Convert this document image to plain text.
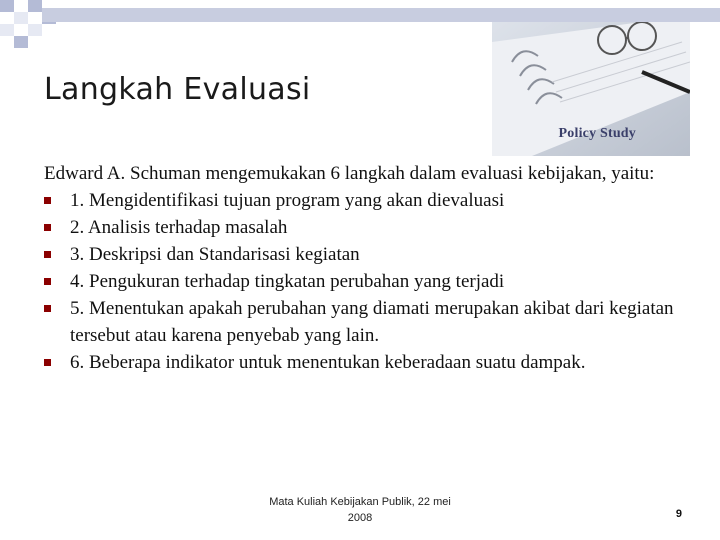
Langkah Evaluasi
Policy Study

Edward A. Schuman mengemukakan 6 langkah dalam evaluasi kebijakan, yaitu:

1. Mengidentifikasi tujuan program yang akan dievaluasi
2. Analisis terhadap masalah
3. Deskripsi dan Standarisasi kegiatan
4. Pengukuran terhadap tingkatan perubahan yang terjadi
5. Menentukan apakah perubahan yang diamati merupakan akibat dari kegiatan tersebut atau karena penyebab yang lain.
6. Beberapa indikator untuk menentukan keberadaan suatu dampak.
Mata Kuliah Kebijakan Publik, 22 mei
2008	9
